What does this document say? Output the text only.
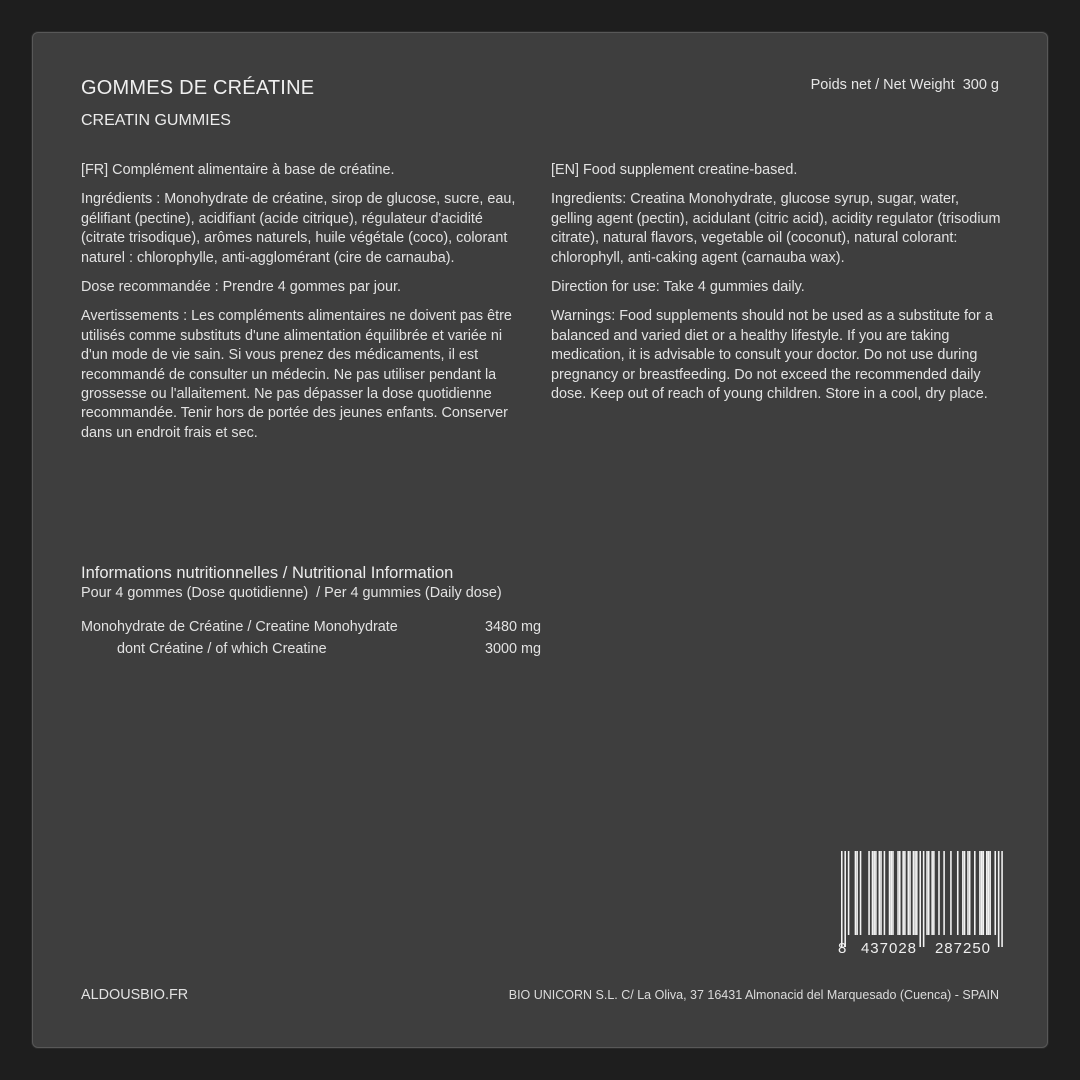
GOMMES DE CRÉATINE
CREATIN GUMMIES
Poids net / Net Weight  300 g

[FR] Complément alimentaire à base de créatine.

Ingrédients : Monohydrate de créatine, sirop de glucose, sucre, eau, gélifiant (pectine), acidifiant (acide citrique), régulateur d'acidité (citrate trisodique), arômes naturels, huile végétale (coco), colorant naturel : chlorophylle, anti-agglomérant (cire de carnauba).

Dose recommandée : Prendre 4 gommes par jour.

Avertissements : Les compléments alimentaires ne doivent pas être utilisés comme substituts d'une alimentation équilibrée et variée ni d'un mode de vie sain. Si vous prenez des médicaments, il est recommandé de consulter un médecin. Ne pas utiliser pendant la grossesse ou l'allaitement. Ne pas dépasser la dose quotidienne recommandée. Tenir hors de portée des jeunes enfants. Conserver dans un endroit frais et sec.

[EN] Food supplement creatine-based.

Ingredients: Creatina Monohydrate, glucose syrup, sugar, water, gelling agent (pectin), acidulant (citric acid), acidity regulator (trisodium citrate), natural flavors, vegetable oil (coconut), natural colorant: chlorophyll, anti-caking agent (carnauba wax).

Direction for use: Take 4 gummies daily.

Warnings: Food supplements should not be used as a substitute for a balanced and varied diet or a healthy lifestyle. If you are taking medication, it is advisable to consult your doctor. Do not use during pregnancy or breastfeeding. Do not exceed the recommended daily dose. Keep out of reach of young children. Store in a cool, dry place.

Informations nutritionnelles / Nutritional Information
Pour 4 gommes (Dose quotidienne)  / Per 4 gummies (Daily dose)
Monohydrate de Créatine / Creatine Monohydrate	3480 mg
dont Créatine / of which Creatine	3000 mg
8 437028 287250
ALDOUSBIO.FR	BIO UNICORN S.L. C/ La Oliva, 37 16431 Almonacid del Marquesado (Cuenca) - SPAIN
